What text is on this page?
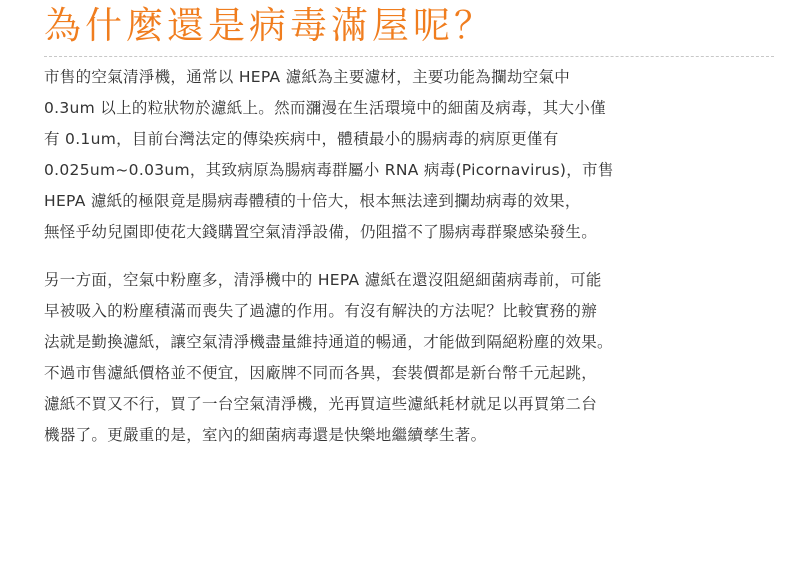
為什麼還是病毒滿屋呢？

市售的空氣清淨機，通常以 HEPA 濾紙為主要濾材，主要功能為攔劫空氣中
0.3um 以上的粒狀物於濾紙上。然而瀰漫在生活環境中的細菌及病毒，其大小僅
有 0.1um，目前台灣法定的傳染疾病中，體積最小的腸病毒的病原更僅有
0.025um~0.03um，其致病原為腸病毒群屬小 RNA 病毒(Picornavirus)，市售
HEPA 濾紙的極限竟是腸病毒體積的十倍大，根本無法達到攔劫病毒的效果，
無怪乎幼兒園即使花大錢購置空氣清淨設備，仍阻擋不了腸病毒群聚感染發生。

另一方面，空氣中粉塵多，清淨機中的 HEPA 濾紙在還沒阻絕細菌病毒前，可能
早被吸入的粉塵積滿而喪失了過濾的作用。有沒有解決的方法呢？比較實務的辦
法就是勤換濾紙，讓空氣清淨機盡量維持通道的暢通，才能做到隔絕粉塵的效果。
不過市售濾紙價格並不便宜，因廠牌不同而各異，套裝價都是新台幣千元起跳，
濾紙不買又不行，買了一台空氣清淨機，光再買這些濾紙耗材就足以再買第二台
機器了。更嚴重的是，室內的細菌病毒還是快樂地繼續孳生著。
